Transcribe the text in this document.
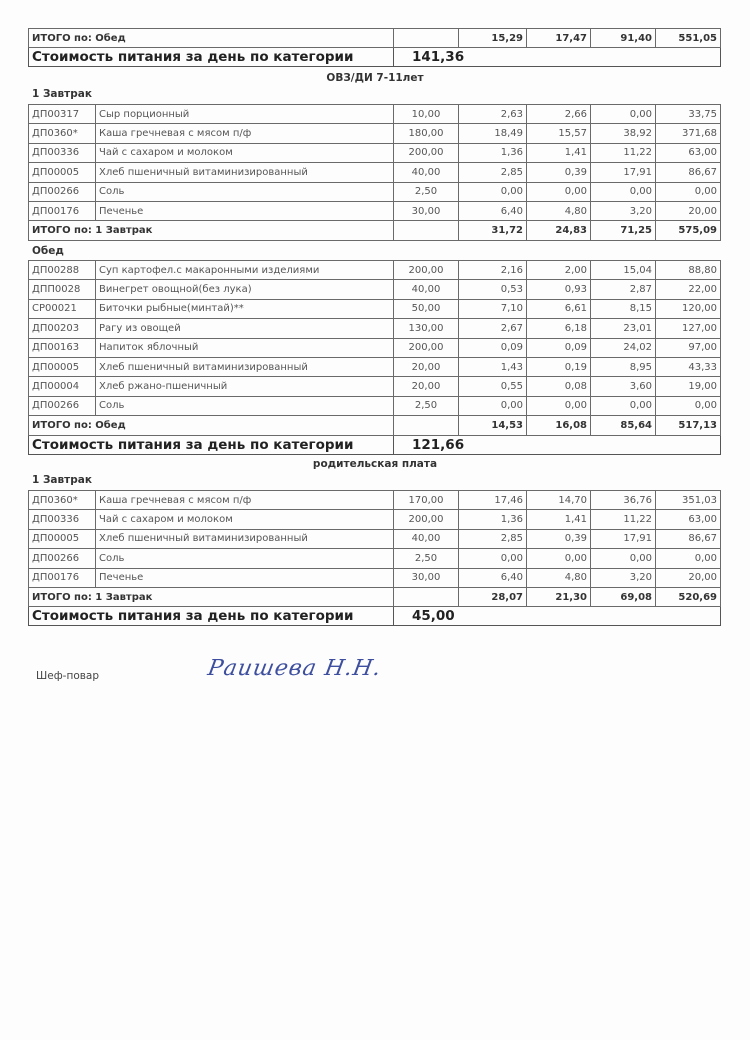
ИТОГО по: Обед		15,29	17,47	91,40	551,05
Стоимость питания за день по категории	141,36				
ОВЗ/ДИ 7-11лет
1 Завтрак
ДП00317	Сыр порционный	10,00	2,63	2,66	0,00	33,75
ДП0360*	Каша гречневая с мясом п/ф	180,00	18,49	15,57	38,92	371,68
ДП00336	Чай с сахаром и молоком	200,00	1,36	1,41	11,22	63,00
ДП00005	Хлеб пшеничный витаминизированный	40,00	2,85	0,39	17,91	86,67
ДП00266	Соль	2,50	0,00	0,00	0,00	0,00
ДП00176	Печенье	30,00	6,40	4,80	3,20	20,00
ИТОГО по: 1 Завтрак			31,72	24,83	71,25	575,09
Обед
ДП00288	Суп картофел.с макаронными изделиями	200,00	2,16	2,00	15,04	88,80
ДПП0028	Винегрет овощной(без лука)	40,00	0,53	0,93	2,87	22,00
СР00021	Биточки рыбные(минтай)**	50,00	7,10	6,61	8,15	120,00
ДП00203	Рагу из овощей	130,00	2,67	6,18	23,01	127,00
ДП00163	Напиток яблочный	200,00	0,09	0,09	24,02	97,00
ДП00005	Хлеб пшеничный витаминизированный	20,00	1,43	0,19	8,95	43,33
ДП00004	Хлеб ржано-пшеничный	20,00	0,55	0,08	3,60	19,00
ДП00266	Соль	2,50	0,00	0,00	0,00	0,00
ИТОГО по: Обед			14,53	16,08	85,64	517,13
Стоимость питания за день по категории		121,66				
родительская плата
1 Завтрак
ДП0360*	Каша гречневая с мясом п/ф	170,00	17,46	14,70	36,76	351,03
ДП00336	Чай с сахаром и молоком	200,00	1,36	1,41	11,22	63,00
ДП00005	Хлеб пшеничный витаминизированный	40,00	2,85	0,39	17,91	86,67
ДП00266	Соль	2,50	0,00	0,00	0,00	0,00
ДП00176	Печенье	30,00	6,40	4,80	3,20	20,00
ИТОГО по: 1 Завтрак			28,07	21,30	69,08	520,69
Стоимость питания за день по категории		45,00				
Шеф-повар	Раишева Н.Н.
